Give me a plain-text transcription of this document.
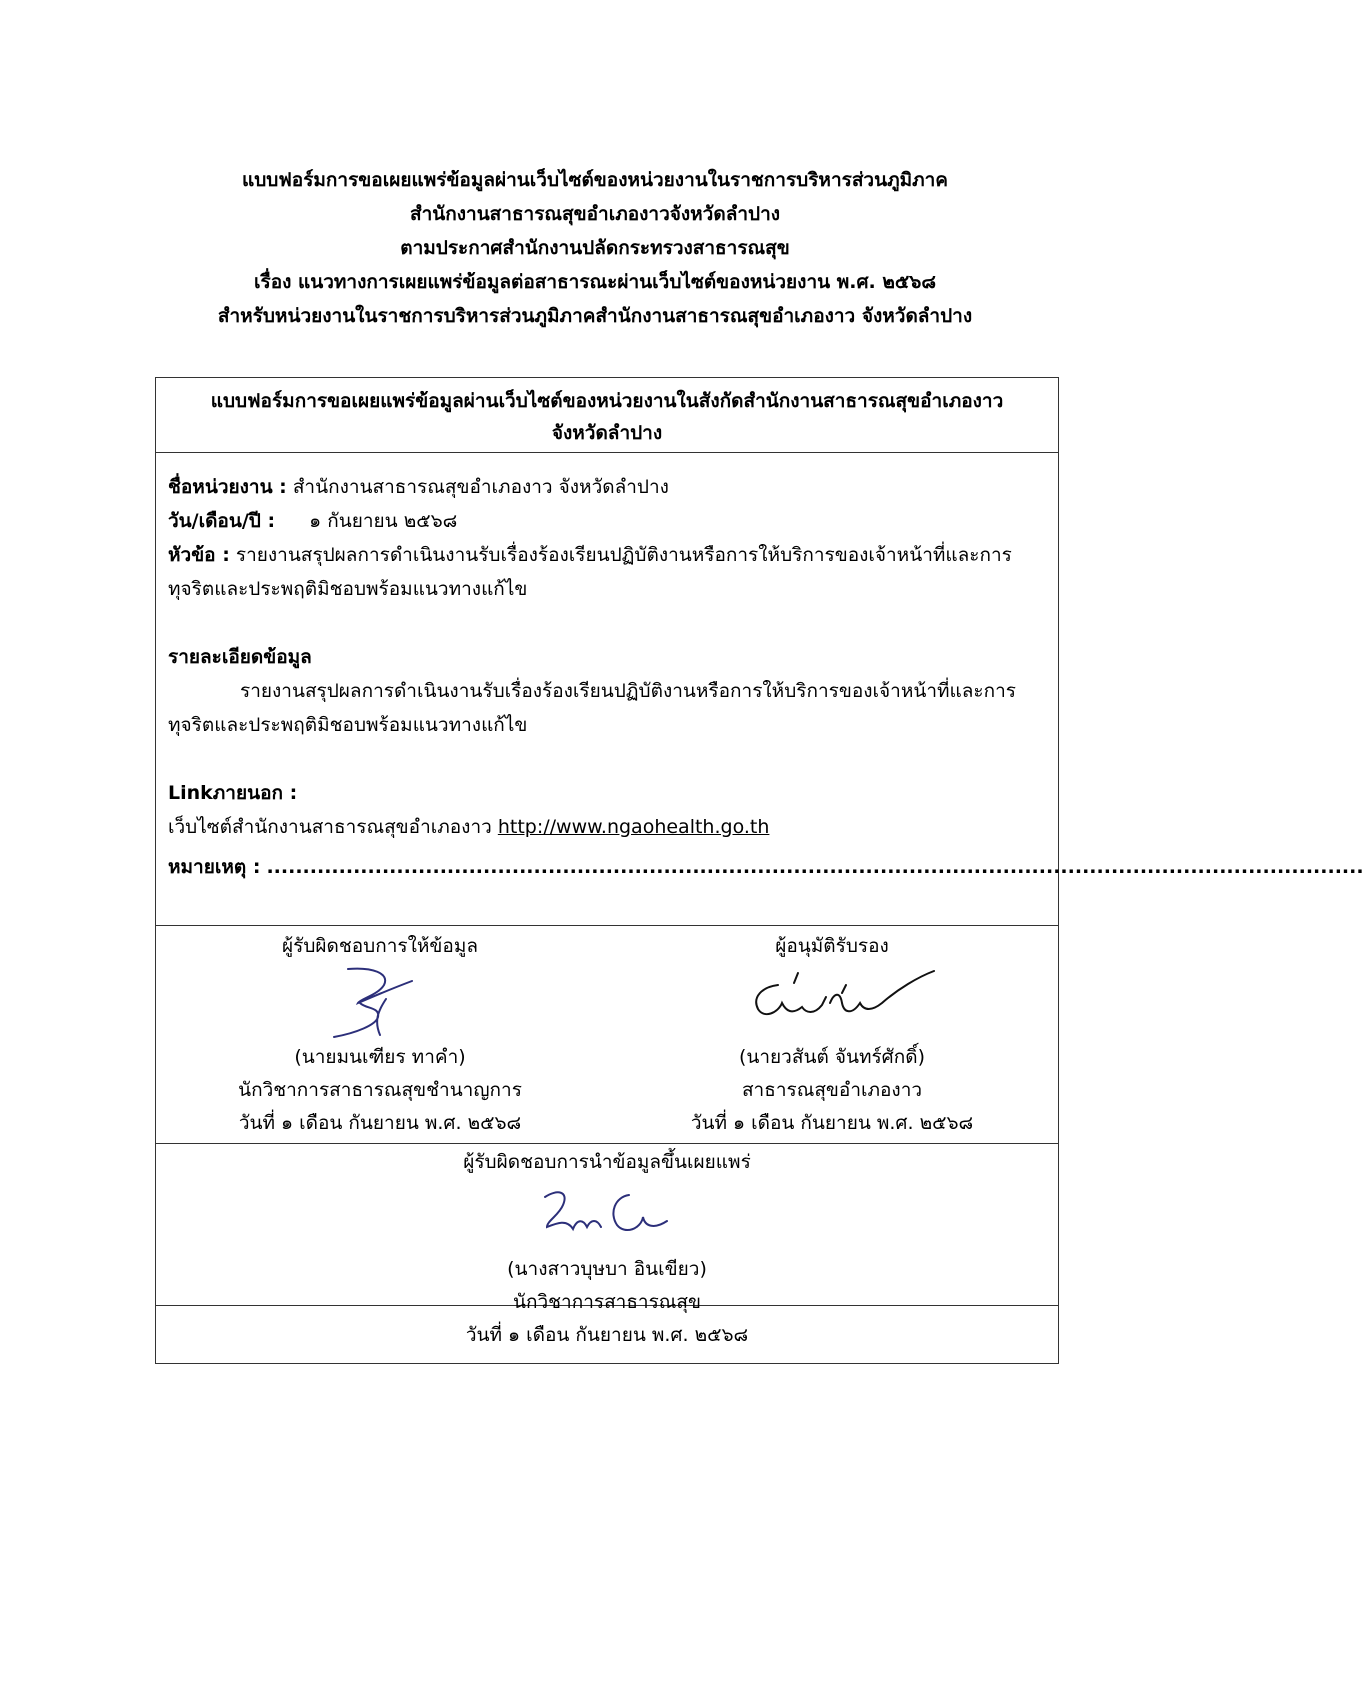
แบบฟอร์มการขอเผยแพร่ข้อมูลผ่านเว็บไซต์ของหน่วยงานในราชการบริหารส่วนภูมิภาค
สำนักงานสาธารณสุขอำเภองาวจังหวัดลำปาง
ตามประกาศสำนักงานปลัดกระทรวงสาธารณสุข
เรื่อง แนวทางการเผยแพร่ข้อมูลต่อสาธารณะผ่านเว็บไซต์ของหน่วยงาน พ.ศ. ๒๕๖๘
สำหรับหน่วยงานในราชการบริหารส่วนภูมิภาคสำนักงานสาธารณสุขอำเภองาว จังหวัดลำปาง
แบบฟอร์มการขอเผยแพร่ข้อมูลผ่านเว็บไซต์ของหน่วยงานในสังกัดสำนักงานสาธารณสุขอำเภองาว
จังหวัดลำปาง
ชื่อหน่วยงาน : สำนักงานสาธารณสุขอำเภองาว จังหวัดลำปาง
วัน/เดือน/ปี : ๑ กันยายน ๒๕๖๘
หัวข้อ : รายงานสรุปผลการดำเนินงานรับเรื่องร้องเรียนปฏิบัติงานหรือการให้บริการของเจ้าหน้าที่และการ
ทุจริตและประพฤติมิชอบพร้อมแนวทางแก้ไข
รายละเอียดข้อมูล
รายงานสรุปผลการดำเนินงานรับเรื่องร้องเรียนปฏิบัติงานหรือการให้บริการของเจ้าหน้าที่และการ
ทุจริตและประพฤติมิชอบพร้อมแนวทางแก้ไข
Linkภายนอก :
เว็บไซต์สำนักงานสาธารณสุขอำเภองาว http://www.ngaohealth.go.th
หมายเหตุ : ........................................................................................................................................................
ผู้รับผิดชอบการให้ข้อมูล
(นายมนเฑียร ทาคำ)
นักวิชาการสาธารณสุขชำนาญการ
วันที่ ๑ เดือน กันยายน พ.ศ. ๒๕๖๘
ผู้อนุมัติรับรอง
(นายวสันต์ จันทร์ศักดิ์)
สาธารณสุขอำเภองาว
วันที่ ๑ เดือน กันยายน พ.ศ. ๒๕๖๘
ผู้รับผิดชอบการนำข้อมูลขึ้นเผยแพร่
(นางสาวบุษบา อินเขียว)
นักวิชาการสาธารณสุข
วันที่ ๑ เดือน กันยายน พ.ศ. ๒๕๖๘
